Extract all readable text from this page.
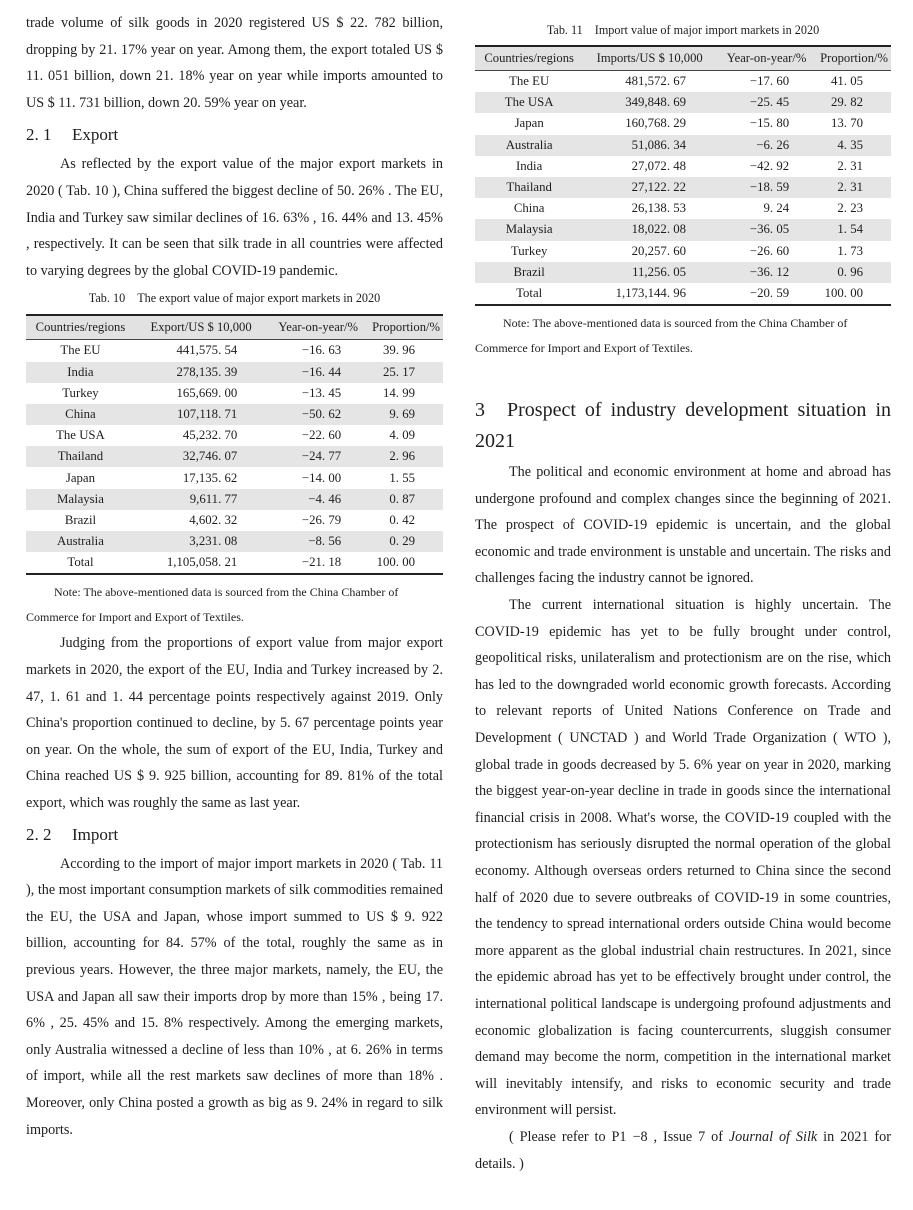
trade volume of silk goods in 2020 registered US $ 22. 782 billion, dropping by 21. 17% year on year. Among them, the export totaled US $ 11. 051 billion, down 21. 18% year on year while imports amounted to US $ 11. 731 billion, down 20. 59% year on year.

2. 1 Export

As reflected by the export value of the major export markets in 2020 ( Tab. 10 ), China suffered the biggest decline of 50. 26% . The EU, India and Turkey saw similar declines of 16. 63% , 16. 44% and 13. 45% , respectively. It can be seen that silk trade in all countries were affected to varying degrees by the global COVID-19 pandemic.

Tab. 10 The export value of major export markets in 2020
Countries/regions	Export/US $ 10,000	Year-on-year/%	Proportion/%
The EU	441,575. 54	−16. 63	39. 96
India	278,135. 39	−16. 44	25. 17
Turkey	165,669. 00	−13. 45	14. 99
China	107,118. 71	−50. 62	9. 69
The USA	45,232. 70	−22. 60	4. 09
Thailand	32,746. 07	−24. 77	2. 96
Japan	17,135. 62	−14. 00	1. 55
Malaysia	9,611. 77	−4. 46	0. 87
Brazil	4,602. 32	−26. 79	0. 42
Australia	3,231. 08	−8. 56	0. 29
Total	1,105,058. 21	−21. 18	100. 00

Note: The above-mentioned data is sourced from the China Chamber of

Commerce for Import and Export of Textiles.

Judging from the proportions of export value from major export markets in 2020, the export of the EU, India and Turkey increased by 2. 47, 1. 61 and 1. 44 percentage points respectively against 2019. Only China's proportion continued to decline, by 5. 67 percentage points year on year. On the whole, the sum of export of the EU, India, Turkey and China reached US $ 9. 925 billion, accounting for 89. 81% of the total export, which was roughly the same as last year.

2. 2 Import

According to the import of major import markets in 2020 ( Tab. 11 ), the most important consumption markets of silk commodities remained the EU, the USA and Japan, whose import summed to US $ 9. 922 billion, accounting for 84. 57% of the total, roughly the same as in previous years. However, the three major markets, namely, the EU, the USA and Japan all saw their imports drop by more than 15% , being 17. 6% , 25. 45% and 15. 8% respectively. Among the emerging markets, only Australia witnessed a decline of less than 10% , at 6. 26% in terms of import, while all the rest markets saw declines of more than 18% . Moreover, only China posted a growth as big as 9. 24% in regard to silk imports.

Tab. 11 Import value of major import markets in 2020
Countries/regions	Imports/US $ 10,000	Year-on-year/%	Proportion/%
The EU	481,572. 67	−17. 60	41. 05
The USA	349,848. 69	−25. 45	29. 82
Japan	160,768. 29	−15. 80	13. 70
Australia	51,086. 34	−6. 26	4. 35
India	27,072. 48	−42. 92	2. 31
Thailand	27,122. 22	−18. 59	2. 31
China	26,138. 53	9. 24	2. 23
Malaysia	18,022. 08	−36. 05	1. 54
Turkey	20,257. 60	−26. 60	1. 73
Brazil	11,256. 05	−36. 12	0. 96
Total	1,173,144. 96	−20. 59	100. 00

Note: The above-mentioned data is sourced from the China Chamber of

Commerce for Import and Export of Textiles.

3 Prospect of industry development situation in 2021

The political and economic environment at home and abroad has undergone profound and complex changes since the beginning of 2021. The prospect of COVID-19 epidemic is uncertain, and the global economic and trade environment is unstable and uncertain. The risks and challenges facing the industry cannot be ignored.

The current international situation is highly uncertain. The COVID-19 epidemic has yet to be fully brought under control, geopolitical risks, unilateralism and protectionism are on the rise, which has led to the downgraded world economic growth forecasts. According to relevant reports of United Nations Conference on Trade and Development ( UNCTAD ) and World Trade Organization ( WTO ), global trade in goods decreased by 5. 6% year on year in 2020, marking the biggest year-on-year decline in trade in goods since the international financial crisis in 2008. What's worse, the COVID-19 coupled with the protectionism has seriously disrupted the normal operation of the global economy. Although overseas orders returned to China since the second half of 2020 due to severe outbreaks of COVID-19 in some countries, the tendency to spread international orders outside China would become more apparent as the global industrial chain restructures. In 2021, since the epidemic abroad has yet to be effectively brought under control, the international political landscape is undergoing profound adjustments and economic globalization is facing countercurrents, sluggish consumer demand may become the norm, competition in the international market will inevitably intensify, and risks to economic security and trade environment will persist.

( Please refer to P1 −8 , Issue 7 of Journal of Silk in 2021 for details. )
